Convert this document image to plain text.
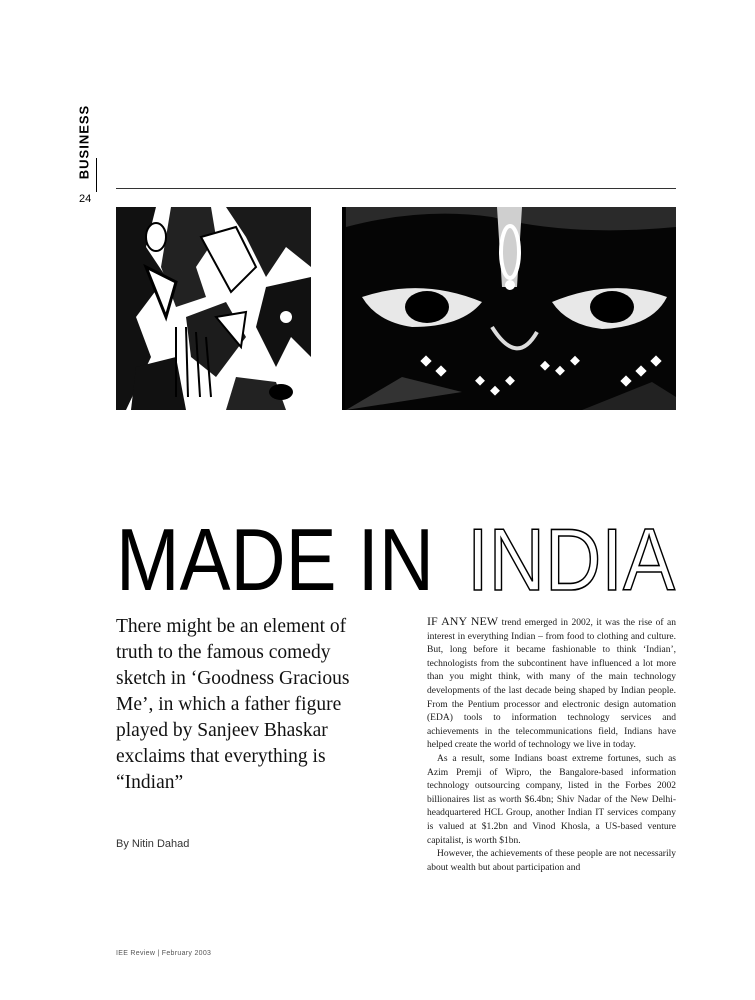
BUSINESS
24
MADE IN INDIA
There might be an element of truth to the famous comedy sketch in ‘Goodness Gracious Me’, in which a father figure played by Sanjeev Bhaskar exclaims that everything is “Indian”
By Nitin Dahad

IF ANY NEW trend emerged in 2002, it was the rise of an interest in everything Indian – from food to clothing and culture. But, long before it became fashionable to think ‘Indian’, technologists from the subcontinent have influenced a lot more than you might think, with many of the main technology developments of the last decade being shaped by Indian people. From the Pentium processor and electronic design automation (EDA) tools to information technology services and achievements in the telecommunications field, Indians have helped create the world of technology we live in today.

As a result, some Indians boast extreme fortunes, such as Azim Premji of Wipro, the Bangalore-based information technology outsourcing company, listed in the Forbes 2002 billionaires list as worth $6.4bn; Shiv Nadar of the New Delhi-headquartered HCL Group, another Indian IT services company is valued at $1.2bn and Vinod Khosla, a US-based venture capitalist, is worth $1bn.

However, the achievements of these people are not necessarily about wealth but about participation and

IEE Review | February 2003
